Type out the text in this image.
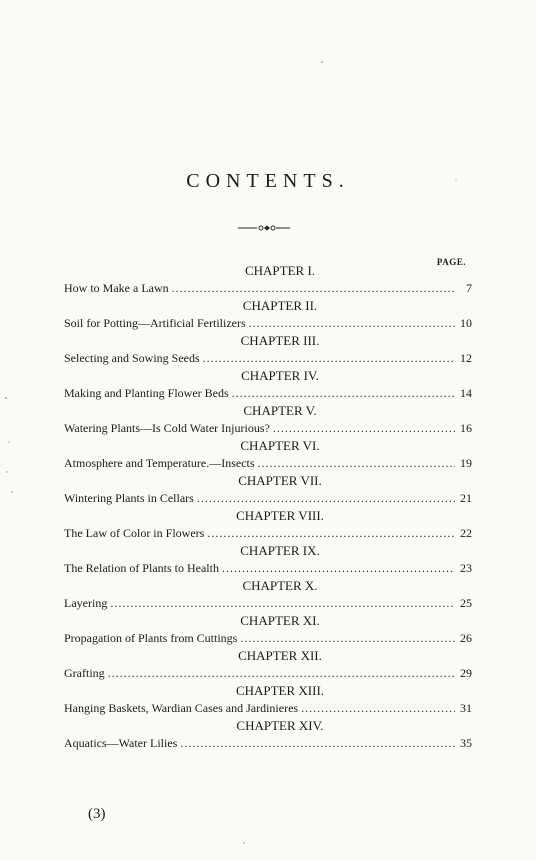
CONTENTS.
PAGE.
CHAPTER I.
How to Make a Lawn . . .	7
CHAPTER II.
Soil for Potting—Artificial Fertilizers . . .	10
CHAPTER III.
Selecting and Sowing Seeds . . .	12
CHAPTER IV.
Making and Planting Flower Beds . . .	14
CHAPTER V.
Watering Plants—Is Cold Water Injurious? . . .	16
CHAPTER VI.
Atmosphere and Temperature.—Insects . . .	19
CHAPTER VII.
Wintering Plants in Cellars . . .	21
CHAPTER VIII.
The Law of Color in Flowers . . .	22
CHAPTER IX.
The Relation of Plants to Health . . .	23
CHAPTER X.
Layering . . .	25
CHAPTER XI.
Propagation of Plants from Cuttings . . .	26
CHAPTER XII.
Grafting . . .	29
CHAPTER XIII.
Hanging Baskets, Wardian Cases and Jardinieres . . .	31
CHAPTER XIV.
Aquatics—Water Lilies . . .	35
(3)
